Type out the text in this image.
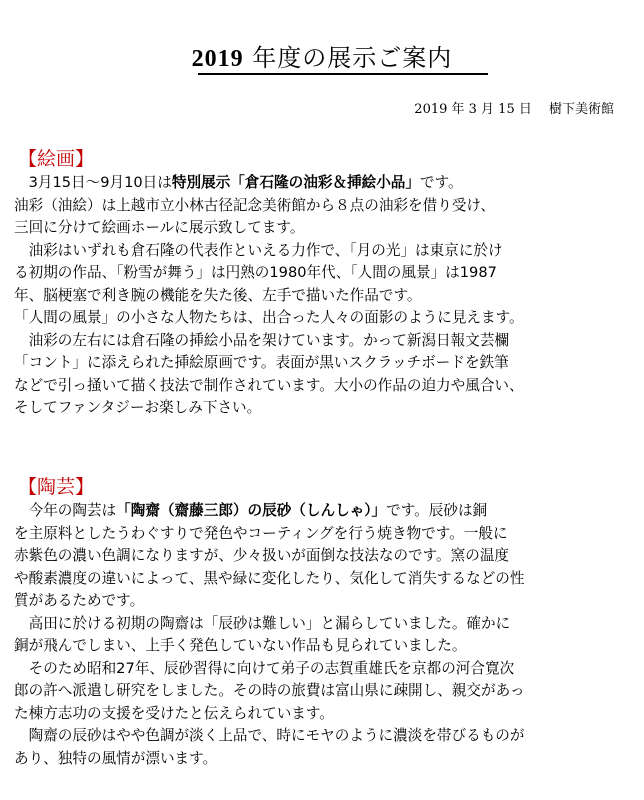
2019 年度の展示ご案内
2019 年 3 月 15 日　 樹下美術館
【絵画】

　3月15日～9月10日は特別展示「倉石隆の油彩＆挿絵小品」です。

油彩（油絵）は上越市立小林古径記念美術館から８点の油彩を借り受け、

三回に分けて絵画ホールに展示致してます。

　油彩はいずれも倉石隆の代表作といえる力作で、「月の光」は東京に於け

る初期の作品、「粉雪が舞う」は円熟の1980年代、「人間の風景」は1987

年、脳梗塞で利き腕の機能を失た後、左手で描いた作品です。

「人間の風景」の小さな人物たちは、出合った人々の面影のように見えます。

　油彩の左右には倉石隆の挿絵小品を架けています。かって新潟日報文芸欄

「コント」に添えられた挿絵原画です。表面が黒いスクラッチボードを鉄筆

などで引っ掻いて描く技法で制作されています。大小の作品の迫力や風合い、

そしてファンタジーお楽しみ下さい。

【陶芸】

　今年の陶芸は「陶齋（齋藤三郎）の辰砂（しんしゃ）」です。辰砂は銅

を主原料としたうわぐすりで発色やコーティングを行う焼き物です。一般に

赤紫色の濃い色調になりますが、少々扱いが面倒な技法なのです。窯の温度

や酸素濃度の違いによって、黒や緑に変化したり、気化して消失するなどの性

質があるためです。

　高田に於ける初期の陶齋は「辰砂は難しい」と漏らしていました。確かに

銅が飛んでしまい、上手く発色していない作品も見られていました。

　そのため昭和27年、辰砂習得に向けて弟子の志賀重雄氏を京都の河合寛次

郎の許へ派遣し研究をしました。その時の旅費は富山県に疎開し、親交があっ

た棟方志功の支援を受けたと伝えられています。

　陶齋の辰砂はやや色調が淡く上品で、時にモヤのように濃淡を帯びるものが

あり、独特の風情が漂います。
